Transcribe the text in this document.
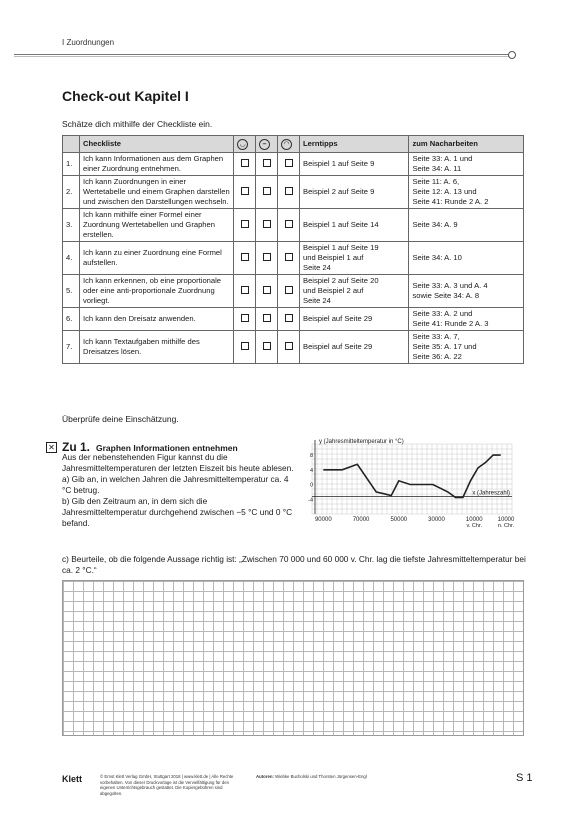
I Zuordnungen
Check-out Kapitel I
Schätze dich mithilfe der Checkliste ein.
	Checkliste	◡	–	◠	Lerntipps	zum Nacharbeiten
1.	Ich kann Informationen aus dem Graphen einer Zuordnung entnehmen.				Beispiel 1 auf Seite 9	Seite 33: A. 1 und
Seite 34: A. 11
2.	Ich kann Zuordnungen in einer Wertetabelle und einem Graphen darstellen und zwischen den Darstellungen wechseln.				Beispiel 2 auf Seite 9	Seite 11: A. 6,
Seite 12: A. 13 und
Seite 41: Runde 2 A. 2
3.	Ich kann mithilfe einer Formel einer Zuordnung Wertetabellen und Graphen erstellen.				Beispiel 1 auf Seite 14	Seite 34: A. 9
4.	Ich kann zu einer Zuordnung eine Formel aufstellen.				Beispiel 1 auf Seite 19
und Beispiel 1 auf
Seite 24	Seite 34: A. 10
5.	Ich kann erkennen, ob eine proportionale oder eine anti-proportionale Zuordnung vorliegt.				Beispiel 2 auf Seite 20
und Beispiel 2 auf
Seite 24	Seite 33: A. 3 und A. 4
sowie Seite 34: A. 8
6.	Ich kann den Dreisatz anwenden.				Beispiel auf Seite 29	Seite 33: A. 2 und
Seite 41: Runde 2 A. 3
7.	Ich kann Textaufgaben mithilfe des Dreisatzes lösen.				Beispiel auf Seite 29	Seite 33: A. 7,
Seite 35: A. 17 und
Seite 36: A. 22
Überprüfe deine Einschätzung.
✕ Zu 1. Graphen Informationen entnehmen

Aus der nebenstehenden Figur kannst du die Jahresmitteltemperaturen der letzten Eiszeit bis heute ablesen.

a) Gib an, in welchen Jahren die Jahresmitteltemperatur ca. 4 °C betrug.

b) Gib den Zeitraum an, in dem sich die Jahresmitteltemperatur durchgehend zwischen −5 °C und 0 °C befand.

c) Beurteile, ob die folgende Aussage richtig ist: „Zwischen 70 000 und 60 000 v. Chr. lag die tiefste Jahresmitteltemperatur bei ca. 2 °C.“
y (Jahresmitteltemperatur in °C)
x (Jahreszahl)
8
4
0
-4
90000	70000	50000	30000	10000
v. Chr.
10000
n. Chr.
Klett	© Ernst Klett Verlag GmbH, Stuttgart 2018 | www.klett.de | Alle Rechte vorbehalten. Von dieser Druckvorlage ist die Vervielfältigung für den eigenen Unterrichtsgebrauch gestattet. Die Kopiergebühren sind abgegolten.
Autoren: Wiebke Bucholski und Thorsten Jürgensen-Engl	S 1
